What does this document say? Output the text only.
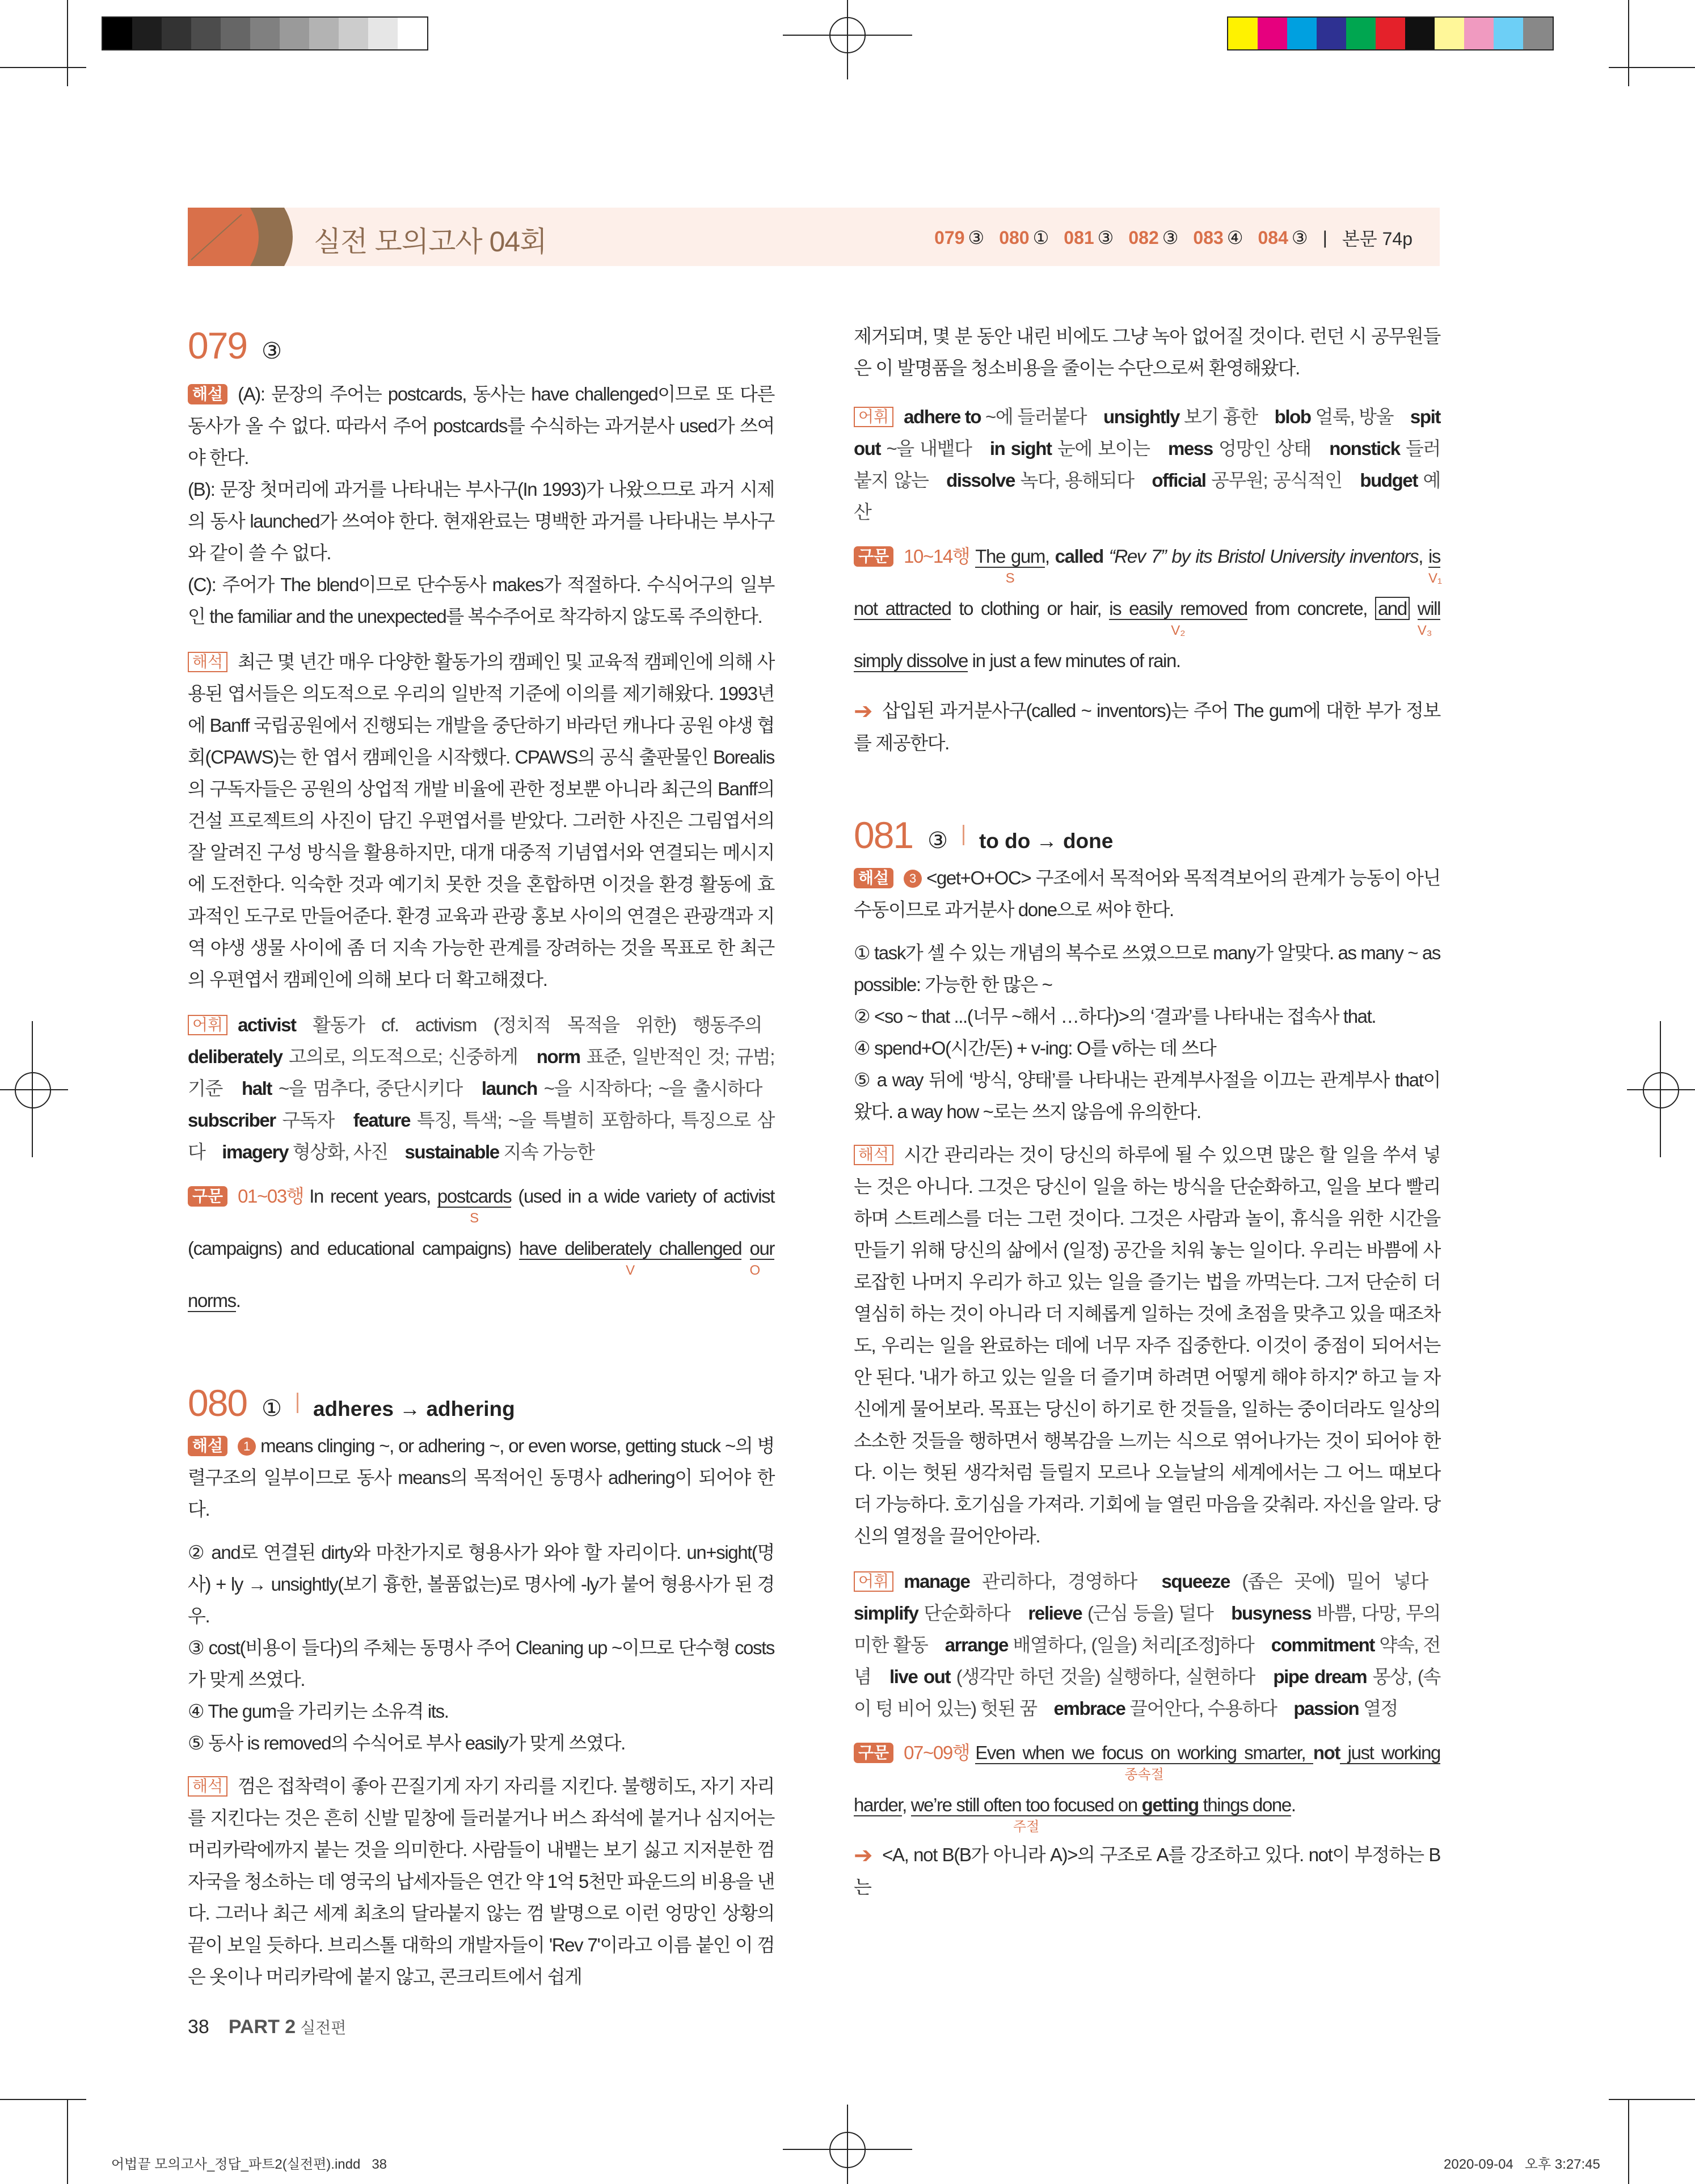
실전 모의고사 04회	079 ③ 080 ① 081 ③ 082 ③ 083 ④ 084 ③ | 본문 74p
079 ③

해설 (A): 문장의 주어는 postcards, 동사는 have challenged이므로 또 다른 동사가 올 수 없다. 따라서 주어 postcards를 수식하는 과거분사 used가 쓰여야 한다.

(B): 문장 첫머리에 과거를 나타내는 부사구(In 1993)가 나왔으므로 과거 시제의 동사 launched가 쓰여야 한다. 현재완료는 명백한 과거를 나타내는 부사구와 같이 쓸 수 없다.

(C): 주어가 The blend이므로 단수동사 makes가 적절하다. 수식어구의 일부인 the familiar and the unexpected를 복수주어로 착각하지 않도록 주의한다.

해석 최근 몇 년간 매우 다양한 활동가의 캠페인 및 교육적 캠페인에 의해 사용된 엽서들은 의도적으로 우리의 일반적 기준에 이의를 제기해왔다. 1993년에 Banff 국립공원에서 진행되는 개발을 중단하기 바라던 캐나다 공원 야생 협회(CPAWS)는 한 엽서 캠페인을 시작했다. CPAWS의 공식 출판물인 Borealis의 구독자들은 공원의 상업적 개발 비율에 관한 정보뿐 아니라 최근의 Banff의 건설 프로젝트의 사진이 담긴 우편엽서를 받았다. 그러한 사진은 그림엽서의 잘 알려진 구성 방식을 활용하지만, 대개 대중적 기념엽서와 연결되는 메시지에 도전한다. 익숙한 것과 예기치 못한 것을 혼합하면 이것을 환경 활동에 효과적인 도구로 만들어준다. 환경 교육과 관광 홍보 사이의 연결은 관광객과 지역 야생 생물 사이에 좀 더 지속 가능한 관계를 장려하는 것을 목표로 한 최근의 우편엽서 캠페인에 의해 보다 더 확고해졌다.
어휘 activist 활동가 cf. activism (정치적 목적을 위한) 행동주의 deliberately 고의로, 의도적으로; 신중하게 norm 표준, 일반적인 것; 규범; 기준 halt ~을 멈추다, 중단시키다 launch ~을 시작하다; ~을 출시하다 subscriber 구독자 feature 특징, 특색; ~을 특별히 포함하다, 특징으로 삼다 imagery 형상화, 사진 sustainable 지속 가능한
구문 01~03행 In recent years, postcards
S
(used in a wide variety of activist (campaigns) and educational campaigns) have deliberately challenged
V
our norms
O
.
080 ① adheres → adhering
해설 1 means clinging ~, or adhering ~, or even worse, getting stuck ~의 병렬구조의 일부이므로 동사 means의 목적어인 동명사 adhering이 되어야 한다.

② and로 연결된 dirty와 마찬가지로 형용사가 와야 할 자리이다. un+sight(명사) + ly → unsightly(보기 흉한, 볼품없는)로 명사에 -ly가 붙어 형용사가 된 경우.

③ cost(비용이 들다)의 주체는 동명사 주어 Cleaning up ~이므로 단수형 costs가 맞게 쓰였다.

④ The gum을 가리키는 소유격 its.

⑤ 동사 is removed의 수식어로 부사 easily가 맞게 쓰였다.

해석 껌은 접착력이 좋아 끈질기게 자기 자리를 지킨다. 불행히도, 자기 자리를 지킨다는 것은 흔히 신발 밑창에 들러붙거나 버스 좌석에 붙거나 심지어는 머리카락에까지 붙는 것을 의미한다. 사람들이 내뱉는 보기 싫고 지저분한 껌 자국을 청소하는 데 영국의 납세자들은 연간 약 1억 5천만 파운드의 비용을 낸다. 그러나 최근 세계 최초의 달라붙지 않는 껌 발명으로 이런 엉망인 상황의 끝이 보일 듯하다. 브리스톨 대학의 개발자들이 'Rev 7'이라고 이름 붙인 이 껌은 옷이나 머리카락에 붙지 않고, 콘크리트에서 쉽게
제거되며, 몇 분 동안 내린 비에도 그냥 녹아 없어질 것이다. 런던 시 공무원들은 이 발명품을 청소비용을 줄이는 수단으로써 환영해왔다.
어휘 adhere to ~에 들러붙다 unsightly 보기 흉한 blob 얼룩, 방울 spit out ~을 내뱉다 in sight 눈에 보이는 mess 엉망인 상태 nonstick 들러붙지 않는 dissolve 녹다, 용해되다 official 공무원; 공식적인 budget 예산
구문 10~14행 The gum
S
, called “Rev 7” by its Bristol University inventors, is not attracted
V₁
to clothing or hair, is easily removed
V₂
from concrete, and will simply dissolve
V₃
in just a few minutes of rain.
➔ 삽입된 과거분사구(called ~ inventors)는 주어 The gum에 대한 부가 정보를 제공한다.
081 ③ to do → done
해설 3 <get+O+OC> 구조에서 목적어와 목적격보어의 관계가 능동이 아닌 수동이므로 과거분사 done으로 써야 한다.

① task가 셀 수 있는 개념의 복수로 쓰였으므로 many가 알맞다. as many ~ as possible: 가능한 한 많은 ~

② <so ~ that ...(너무 ~해서 …하다)>의 ‘결과’를 나타내는 접속사 that.

④ spend+O(시간/돈) + v-ing: O를 v하는 데 쓰다

⑤ a way 뒤에 ‘방식, 양태’를 나타내는 관계부사절을 이끄는 관계부사 that이 왔다. a way how ~로는 쓰지 않음에 유의한다.

해석 시간 관리라는 것이 당신의 하루에 될 수 있으면 많은 할 일을 쑤셔 넣는 것은 아니다. 그것은 당신이 일을 하는 방식을 단순화하고, 일을 보다 빨리하며 스트레스를 더는 그런 것이다. 그것은 사람과 놀이, 휴식을 위한 시간을 만들기 위해 당신의 삶에서 (일정) 공간을 치워 놓는 일이다. 우리는 바쁨에 사로잡힌 나머지 우리가 하고 있는 일을 즐기는 법을 까먹는다. 그저 단순히 더 열심히 하는 것이 아니라 더 지혜롭게 일하는 것에 초점을 맞추고 있을 때조차도, 우리는 일을 완료하는 데에 너무 자주 집중한다. 이것이 중점이 되어서는 안 된다. '내가 하고 있는 일을 더 즐기며 하려면 어떻게 해야 하지?' 하고 늘 자신에게 물어보라. 목표는 당신이 하기로 한 것들을, 일하는 중이더라도 일상의 소소한 것들을 행하면서 행복감을 느끼는 식으로 엮어나가는 것이 되어야 한다. 이는 헛된 생각처럼 들릴지 모르나 오늘날의 세계에서는 그 어느 때보다 더 가능하다. 호기심을 가져라. 기회에 늘 열린 마음을 갖춰라. 자신을 알라. 당신의 열정을 끌어안아라.
어휘 manage 관리하다, 경영하다 squeeze (좁은 곳에) 밀어 넣다 simplify 단순화하다 relieve (근심 등을) 덜다 busyness 바쁨, 다망, 무의미한 활동 arrange 배열하다, (일을) 처리[조정]하다 commitment 약속, 전념 live out (생각만 하던 것을) 실행하다, 실현하다 pipe dream 몽상, (속이 텅 비어 있는) 헛된 꿈 embrace 끌어안다, 수용하다 passion 열정
구문 07~09행 Even when we focus on working smarter,
종속절
not just working harder, we’re still often too focused on
주절
getting things done.
➔ <A, not B(B가 아니라 A)>의 구조로 A를 강조하고 있다. not이 부정하는 B는
38 PART 2 실전편
어법끝 모의고사_정답_파트2(실전편).indd   38	2020-09-04   오후 3:27:45
